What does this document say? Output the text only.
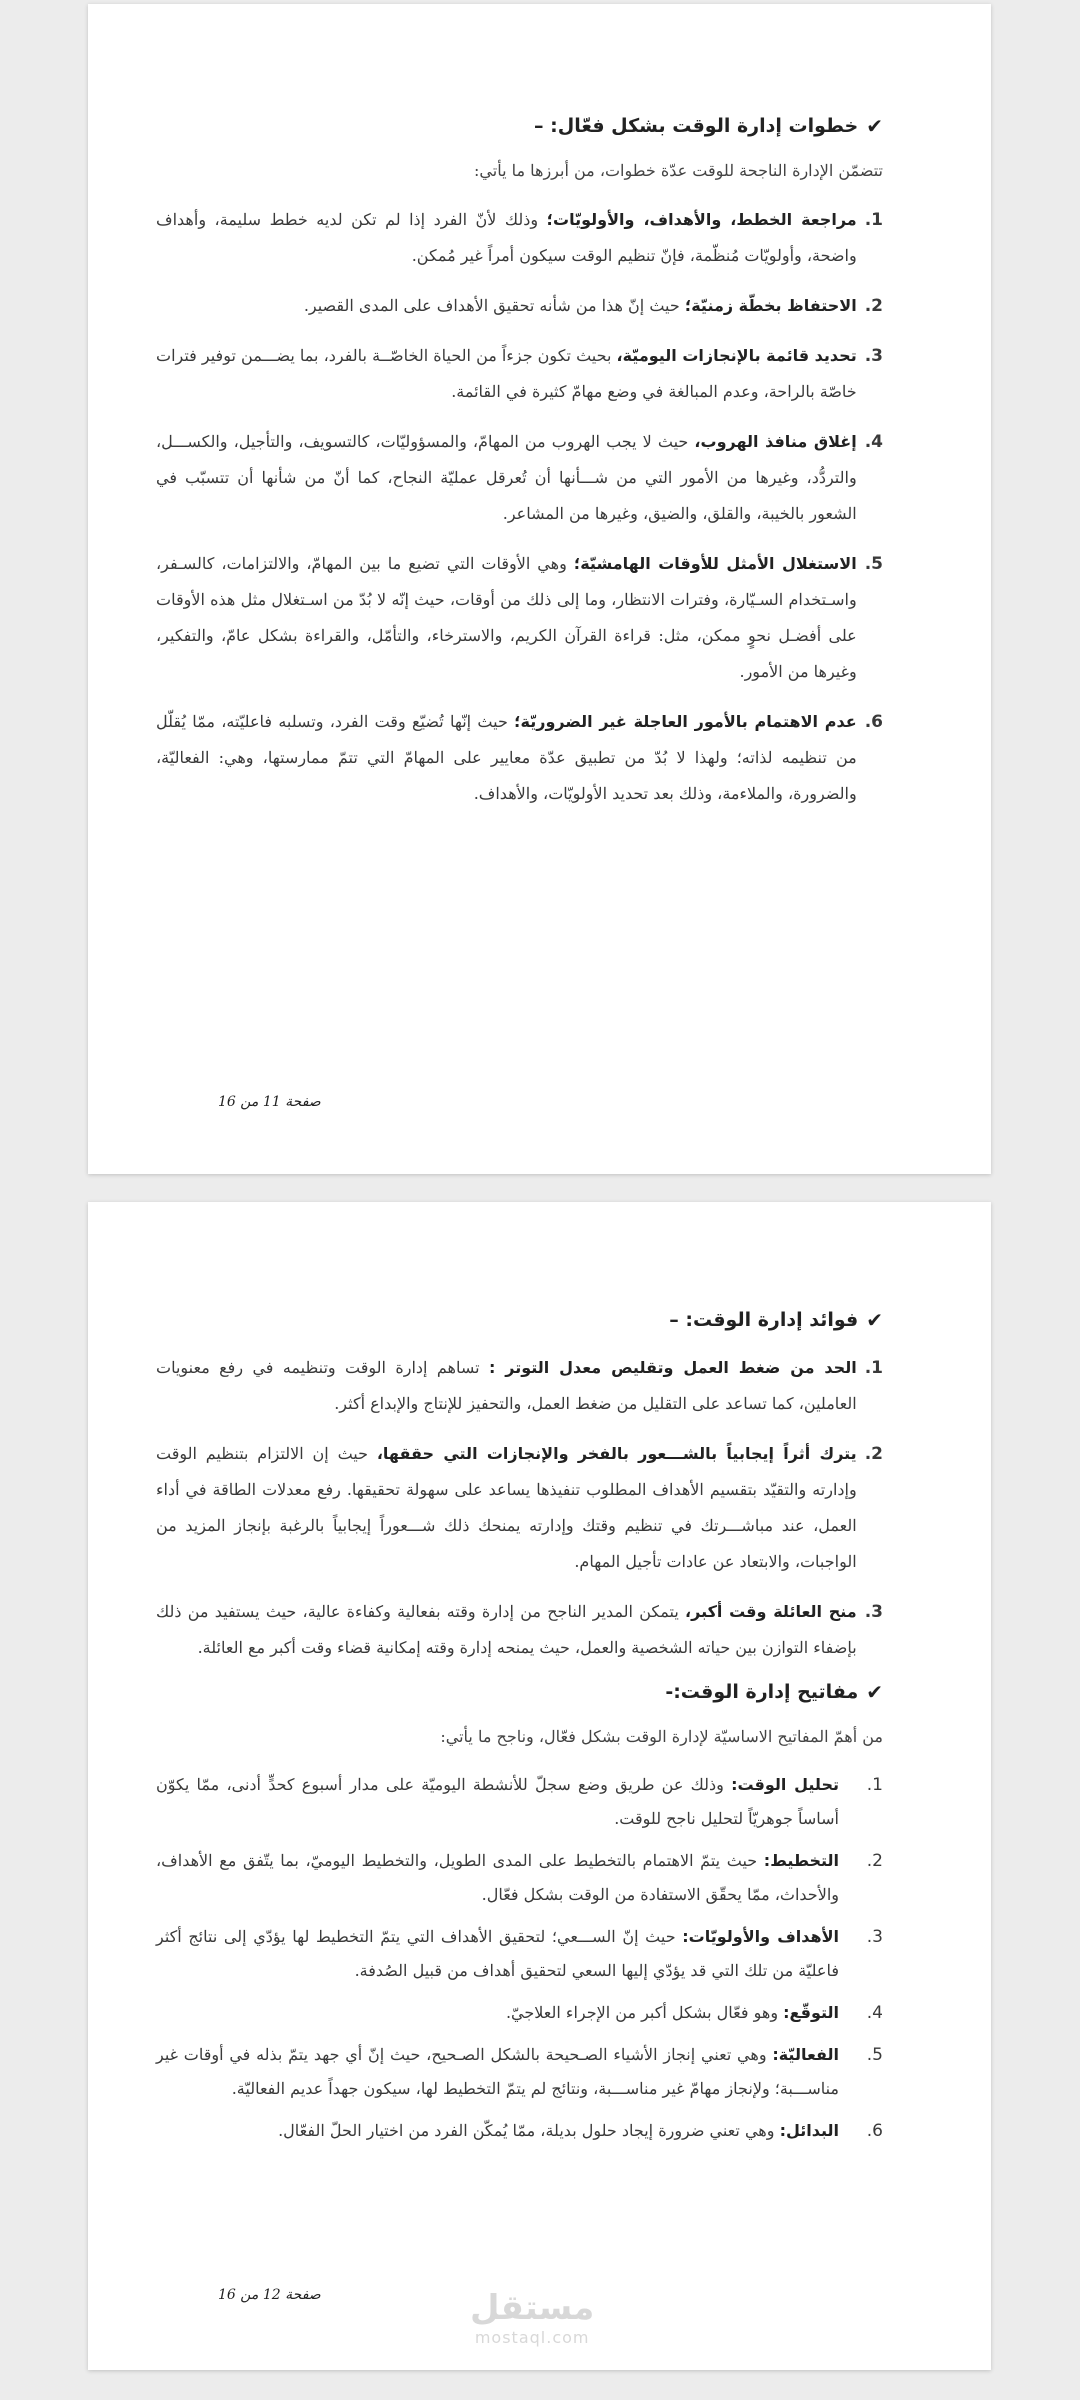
✔
خطوات إدارة الوقت بشكل فعّال: –

تتضمّن الإدارة الناجحة للوقت عدّة خطوات، من أبرزها ما يأتي:

1.
مراجعة الخطط، والأهداف، والأولويّات؛ وذلك لأنّ الفرد إذا لم تكن لديه خطط سليمة، وأهداف واضحة، وأولويّات مُنظّمة، فإنّ تنظيم الوقت سيكون أمراً غير مُمكن.
2.
الاحتفاظ بخطّة زمنيّة؛ حيث إنّ هذا من شأنه تحقيق الأهداف على المدى القصير.
3.
تحديد قائمة بالإنجازات اليوميّة، بحيث تكون جزءاً من الحياة الخاصّــة بالفرد، بما يضـــمن توفير فترات خاصّة بالراحة، وعدم المبالغة في وضع مهامّ كثيرة في القائمة.
4.
إغلاق منافذ الهروب، حيث لا يجب الهروب من المهامّ، والمسؤوليّات، كالتسويف، والتأجيل، والكســـل، والتردُّد، وغيرها من الأمور التي من شـــأنها أن تُعرقل عمليّة النجاح، كما أنّ من شأنها أن تتسبّب في الشعور بالخيبة، والقلق، والضيق، وغيرها من المشاعر.
5.
الاستغلال الأمثل للأوقات الهامشيّة؛ وهي الأوقات التي تضيع ما بين المهامّ، والالتزامات، كالسـفر، واسـتخدام السـيّارة، وفترات الانتظار، وما إلى ذلك من أوقات، حيث إنّه لا بُدّ من اسـتغلال مثل هذه الأوقات على أفضـل نحوٍ ممكن، مثل: قراءة القرآن الكريم، والاسترخاء، والتأمّل، والقراءة بشكل عامّ، والتفكير، وغيرها من الأمور.
6.
عدم الاهتمام بالأمور العاجلة غير الضروريّة؛ حيث إنّها تُضيّع وقت الفرد، وتسلبه فاعليّته، ممّا يُقلّل من تنظيمه لذاته؛ ولهذا لا بُدّ من تطبيق عدّة معايير على المهامّ التي تتمّ ممارستها، وهي: الفعاليّة، والضرورة، والملاءمة، وذلك بعد تحديد الأولويّات، والأهداف.
صفحة 11 من 16
✔
فوائد إدارة الوقت: –
1.
الحد من ضغط العمل وتقليص معدل التوتر : تساهم إدارة الوقت وتنظيمه في رفع معنويات العاملين، كما تساعد على التقليل من ضغط العمل، والتحفيز للإنتاج والإبداع أكثر.
2.
يترك أثراً إيجابياً بالشـــعور بالفخر والإنجازات التي حققها، حيث إن الالتزام بتنظيم الوقت وإدارته والتقيّد بتقسيم الأهداف المطلوب تنفيذها يساعد على سهولة تحقيقها. رفع معدلات الطاقة في أداء العمل، عند مباشـــرتك في تنظيم وقتك وإدارته يمنحك ذلك شـــعوراً إيجابياً بالرغبة بإنجاز المزيد من الواجبات، والابتعاد عن عادات تأجيل المهام.
3.
منح العائلة وقت أكبر، يتمكن المدير الناجح من إدارة وقته بفعالية وكفاءة عالية، حيث يستفيد من ذلك بإضفاء التوازن بين حياته الشخصية والعمل، حيث يمنحه إدارة وقته إمكانية قضاء وقت أكبر مع العائلة.
✔
مفاتيح إدارة الوقت:-

من أهمّ المفاتيح الاساسيّة لإدارة الوقت بشكل فعّال، وناجح ما يأتي:

1.
تحليل الوقت: وذلك عن طريق وضع سجلّ للأنشطة اليوميّة على مدار أسبوع كحدٍّ أدنى، ممّا يكوّن أساساً جوهريّاً لتحليل ناجح للوقت.
2.
التخطيط: حيث يتمّ الاهتمام بالتخطيط على المدى الطويل، والتخطيط اليوميّ، بما يتّفق مع الأهداف، والأحداث، ممّا يحقّق الاستفادة من الوقت بشكل فعّال.
3.
الأهداف والأولويّات: حيث إنّ الســـعي؛ لتحقيق الأهداف التي يتمّ التخطيط لها يؤدّي إلى نتائج أكثر فاعليّة من تلك التي قد يؤدّي إليها السعي لتحقيق أهداف من قبيل الصُدفة.
4.
التوقّع: وهو فعّال بشكل أكبر من الإجراء العلاجيّ.
5.
الفعاليّة: وهي تعني إنجاز الأشياء الصـحيحة بالشكل الصـحيح، حيث إنّ أي جهد يتمّ بذله في أوقات غير مناســـبة؛ ولإنجاز مهامّ غير مناســـبة، ونتائج لم يتمّ التخطيط لها، سيكون جهداً عديم الفعاليّة.
6.
البدائل: وهي تعني ضرورة إيجاد حلول بديلة، ممّا يُمكّن الفرد من اختيار الحلّ الفعّال.
صفحة 12 من 16	مستقل
mostaql.com
